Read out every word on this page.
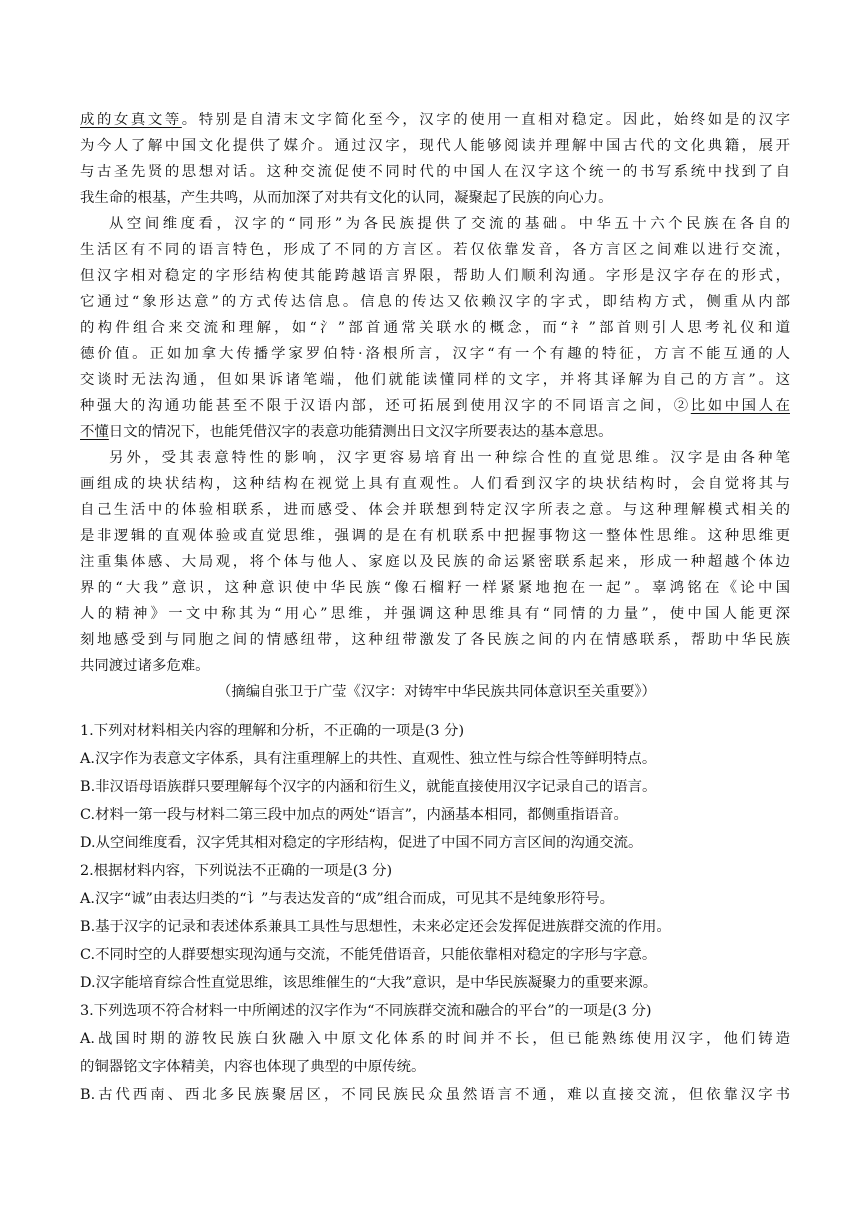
成的女真文等。特别是自清末文字简化至今，汉字的使用一直相对稳定。因此，始终如是的汉字
为今人了解中国文化提供了媒介。通过汉字，现代人能够阅读并理解中国古代的文化典籍，展开
与古圣先贤的思想对话。这种交流促使不同时代的中国人在汉字这个统一的书写系统中找到了自
我生命的根基，产生共鸣，从而加深了对共有文化的认同，凝聚起了民族的向心力。
从空间维度看，汉字的“同形”为各民族提供了交流的基础。中华五十六个民族在各自的
生活区有不同的语言特色，形成了不同的方言区。若仅依靠发音，各方言区之间难以进行交流，
但汉字相对稳定的字形结构使其能跨越语言界限，帮助人们顺利沟通。字形是汉字存在的形式，
它通过“象形达意”的方式传达信息。信息的传达又依赖汉字的字式，即结构方式，侧重从内部
的构件组合来交流和理解，如“氵”部首通常关联水的概念，而“礻”部首则引人思考礼仪和道
德价值。正如加拿大传播学家罗伯特·洛根所言，汉字“有一个有趣的特征，方言不能互通的人
交谈时无法沟通，但如果诉诸笔端，他们就能读懂同样的文字，并将其译解为自己的方言”。这
种强大的沟通功能甚至不限于汉语内部，还可拓展到使用汉字的不同语言之间，②比如中国人在
不懂日文的情况下，也能凭借汉字的表意功能猜测出日文汉字所要表达的基本意思。
另外，受其表意特性的影响，汉字更容易培育出一种综合性的直觉思维。汉字是由各种笔
画组成的块状结构，这种结构在视觉上具有直观性。人们看到汉字的块状结构时，会自觉将其与
自己生活中的体验相联系，进而感受、体会并联想到特定汉字所表之意。与这种理解模式相关的
是非逻辑的直观体验或直觉思维，强调的是在有机联系中把握事物这一整体性思维。这种思维更
注重集体感、大局观，将个体与他人、家庭以及民族的命运紧密联系起来，形成一种超越个体边
界的“大我”意识，这种意识使中华民族“像石榴籽一样紧紧地抱在一起”。辜鸿铭在《论中国
人的精神》一文中称其为“用心”思维，并强调这种思维具有“同情的力量”，使中国人能更深
刻地感受到与同胞之间的情感纽带，这种纽带激发了各民族之间的内在情感联系，帮助中华民族
共同渡过诸多危难。
（摘编自张卫于广莹《汉字：对铸牢中华民族共同体意识至关重要》）
1.下列对材料相关内容的理解和分析，不正确的一项是(3 分)
A.汉字作为表意文字体系，具有注重理解上的共性、直观性、独立性与综合性等鲜明特点。
B.非汉语母语族群只要理解每个汉字的内涵和衍生义，就能直接使用汉字记录自己的语言。
C.材料一第一段与材料二第三段中加点的两处“语言”，内涵基本相同，都侧重指语音。
D.从空间维度看，汉字凭其相对稳定的字形结构，促进了中国不同方言区间的沟通交流。
2.根据材料内容，下列说法不正确的一项是(3 分)
A.汉字“诚”由表达归类的“讠”与表达发音的“成”组合而成，可见其不是纯象形符号。
B.基于汉字的记录和表述体系兼具工具性与思想性，未来必定还会发挥促进族群交流的作用。
C.不同时空的人群要想实现沟通与交流，不能凭借语音，只能依靠相对稳定的字形与字意。
D.汉字能培育综合性直觉思维，该思维催生的“大我”意识，是中华民族凝聚力的重要来源。
3.下列选项不符合材料一中所阐述的汉字作为“不同族群交流和融合的平台”的一项是(3 分)
A.战国时期的游牧民族白狄融入中原文化体系的时间并不长，但已能熟练使用汉字，他们铸造
的铜器铭文字体精美，内容也体现了典型的中原传统。
B.古代西南、西北多民族聚居区，不同民族民众虽然语言不通，难以直接交流，但依靠汉字书
